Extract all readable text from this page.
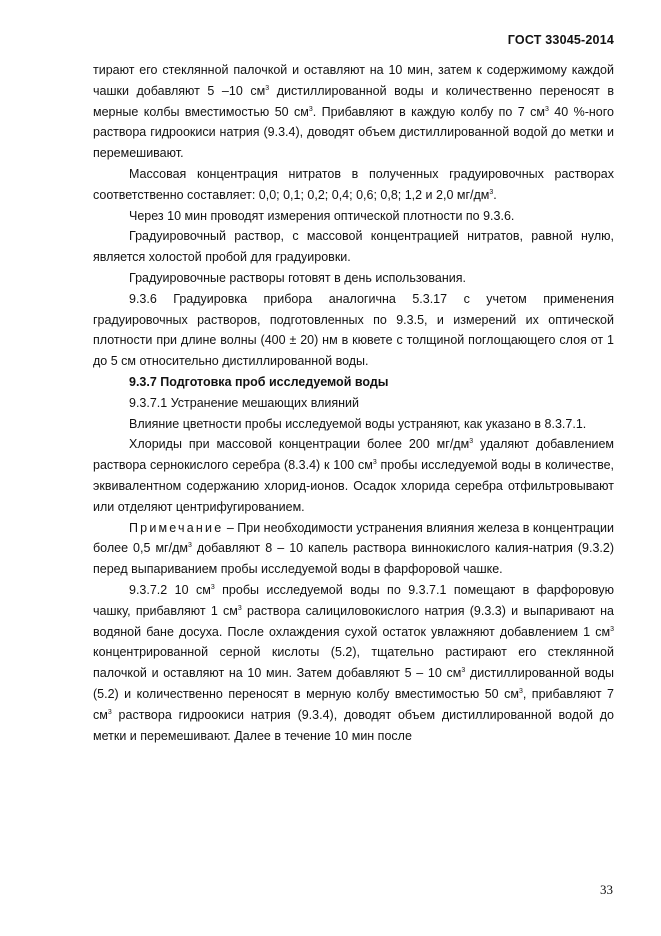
ГОСТ 33045-2014

тирают его стеклянной палочкой и оставляют на 10 мин, затем к содержимому каждой чашки добавляют 5 –10 $см^3$ дистиллированной воды и количественно переносят в мерные колбы вместимостью 50 $см^3$. Прибавляют в каждую колбу по 7 $см^3$ 40 %-ного раствора гидроокиси натрия (9.3.4), доводят объем дистиллированной водой до метки и перемешивают.

Массовая концентрация нитратов в полученных градуировочных растворах соответственно составляет: 0,0; 0,1; 0,2; 0,4; 0,6; 0,8; 1,2 и 2,0 $мг/дм^3$.

Через 10 мин проводят измерения оптической плотности по 9.3.6.

Градуировочный раствор, с массовой концентрацией нитратов, равной нулю, является холостой пробой для градуировки.

Градуировочные растворы готовят в день использования.

9.3.6 Градуировка прибора аналогична 5.3.17 с учетом применения градуировочных растворов, подготовленных по 9.3.5, и измерений их оптической плотности при длине волны (400 ± 20) нм в кювете с толщиной поглощающего слоя от 1 до 5 см относительно дистиллированной воды.

9.3.7 Подготовка проб исследуемой воды

9.3.7.1 Устранение мешающих влияний

Влияние цветности пробы исследуемой воды устраняют, как указано в 8.3.7.1.

Хлориды при массовой концентрации более 200 $мг/дм^3$ удаляют добавлением раствора сернокислого серебра (8.3.4) к 100 $см^3$ пробы исследуемой воды в количестве, эквивалентном содержанию хлорид-ионов. Осадок хлорида серебра отфильтровывают или отделяют центрифугированием.

Примечание – При необходимости устранения влияния железа в концентрации более 0,5 $мг/дм^3$ добавляют 8 – 10 капель раствора виннокислого калия-натрия (9.3.2) перед выпариванием пробы исследуемой воды в фарфоровой чашке.

9.3.7.2 10 $см^3$ пробы исследуемой воды по 9.3.7.1 помещают в фарфоровую чашку, прибавляют 1 $см^3$ раствора салициловокислого натрия (9.3.3) и выпаривают на водяной бане досуха. После охлаждения сухой остаток увлажняют добавлением 1 $см^3$ концентрированной серной кислоты (5.2), тщательно растирают его стеклянной палочкой и оставляют на 10 мин. Затем добавляют 5 – 10 $см^3$ дистиллированной воды (5.2) и количественно переносят в мерную колбу вместимостью 50 $см^3$, прибавляют 7 $см^3$ раствора гидроокиси натрия (9.3.4), доводят объем дистиллированной водой до метки и перемешивают. Далее в течение 10 мин после

33
